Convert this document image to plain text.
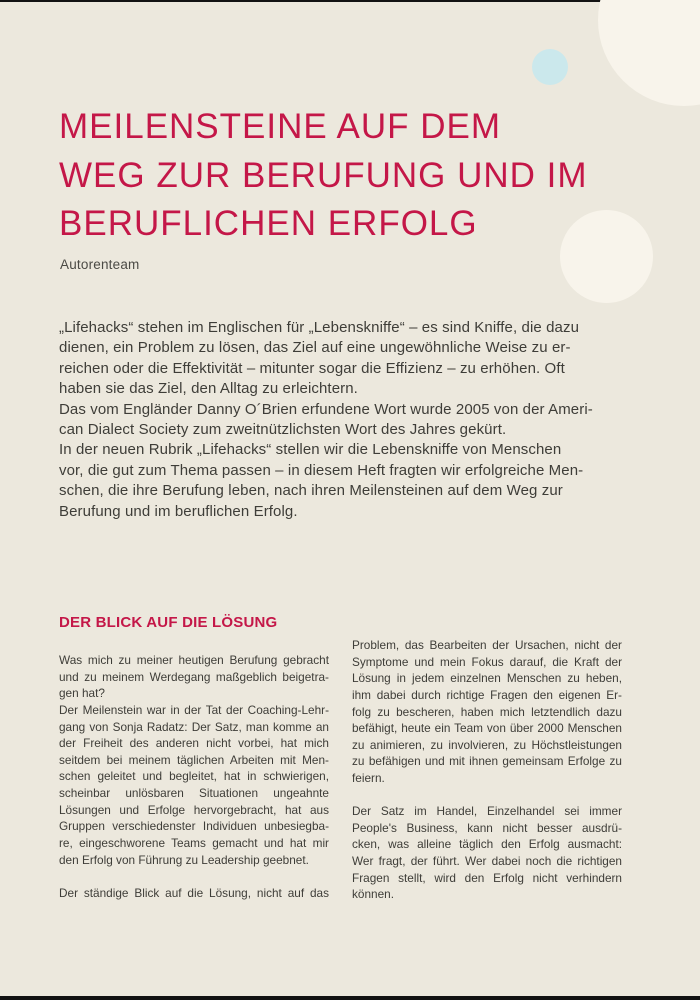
MEILENSTEINE AUF DEM
WEG ZUR BERUFUNG UND IM
BERUFLICHEN ERFOLG
Autorenteam
„Lifehacks“ stehen im Englischen für „Lebenskniffe“ – es sind Kniffe, die dazu
dienen, ein Problem zu lösen, das Ziel auf eine ungewöhnliche Weise zu er-
reichen oder die Effektivität – mitunter sogar die Effizienz – zu erhöhen. Oft
haben sie das Ziel, den Alltag zu erleichtern.
Das vom Engländer Danny O´Brien erfundene Wort wurde 2005 von der Ameri-
can Dialect Society zum zweitnützlichsten Wort des Jahres gekürt.
In der neuen Rubrik „Lifehacks“ stellen wir die Lebenskniffe von Menschen
vor, die gut zum Thema passen – in diesem Heft fragten wir erfolgreiche Men-
schen, die ihre Berufung leben, nach ihren Meilensteinen auf dem Weg zur
Berufung und im beruflichen Erfolg.
DER BLICK AUF DIE LÖSUNG
Was mich zu meiner heutigen Berufung gebracht
und zu meinem Werdegang maßgeblich beigetra-
gen hat?
Der Meilenstein war in der Tat der Coaching-Lehr-
gang von Sonja Radatz: Der Satz, man komme an
der Freiheit des anderen nicht vorbei, hat mich
seitdem bei meinem täglichen Arbeiten mit Men-
schen geleitet und begleitet, hat in schwierigen,
scheinbar unlösbaren Situationen ungeahnte
Lösungen und Erfolge hervorgebracht, hat aus
Gruppen verschiedenster Individuen unbesiegba-
re, eingeschworene Teams gemacht und hat mir
den Erfolg von Führung zu Leadership geebnet.
Der ständige Blick auf die Lösung, nicht auf das
Problem, das Bearbeiten der Ursachen, nicht der
Symptome und mein Fokus darauf, die Kraft der
Lösung in jedem einzelnen Menschen zu heben,
ihm dabei durch richtige Fragen den eigenen Er-
folg zu bescheren, haben mich letztendlich dazu
befähigt, heute ein Team von über 2000 Menschen
zu animieren, zu involvieren, zu Höchstleistungen
zu befähigen und mit ihnen gemeinsam Erfolge zu
feiern.
Der Satz im Handel, Einzelhandel sei immer
People's Business, kann nicht besser ausdrü-
cken, was alleine täglich den Erfolg ausmacht:
Wer fragt, der führt. Wer dabei noch die richtigen
Fragen stellt, wird den Erfolg nicht verhindern
können.
